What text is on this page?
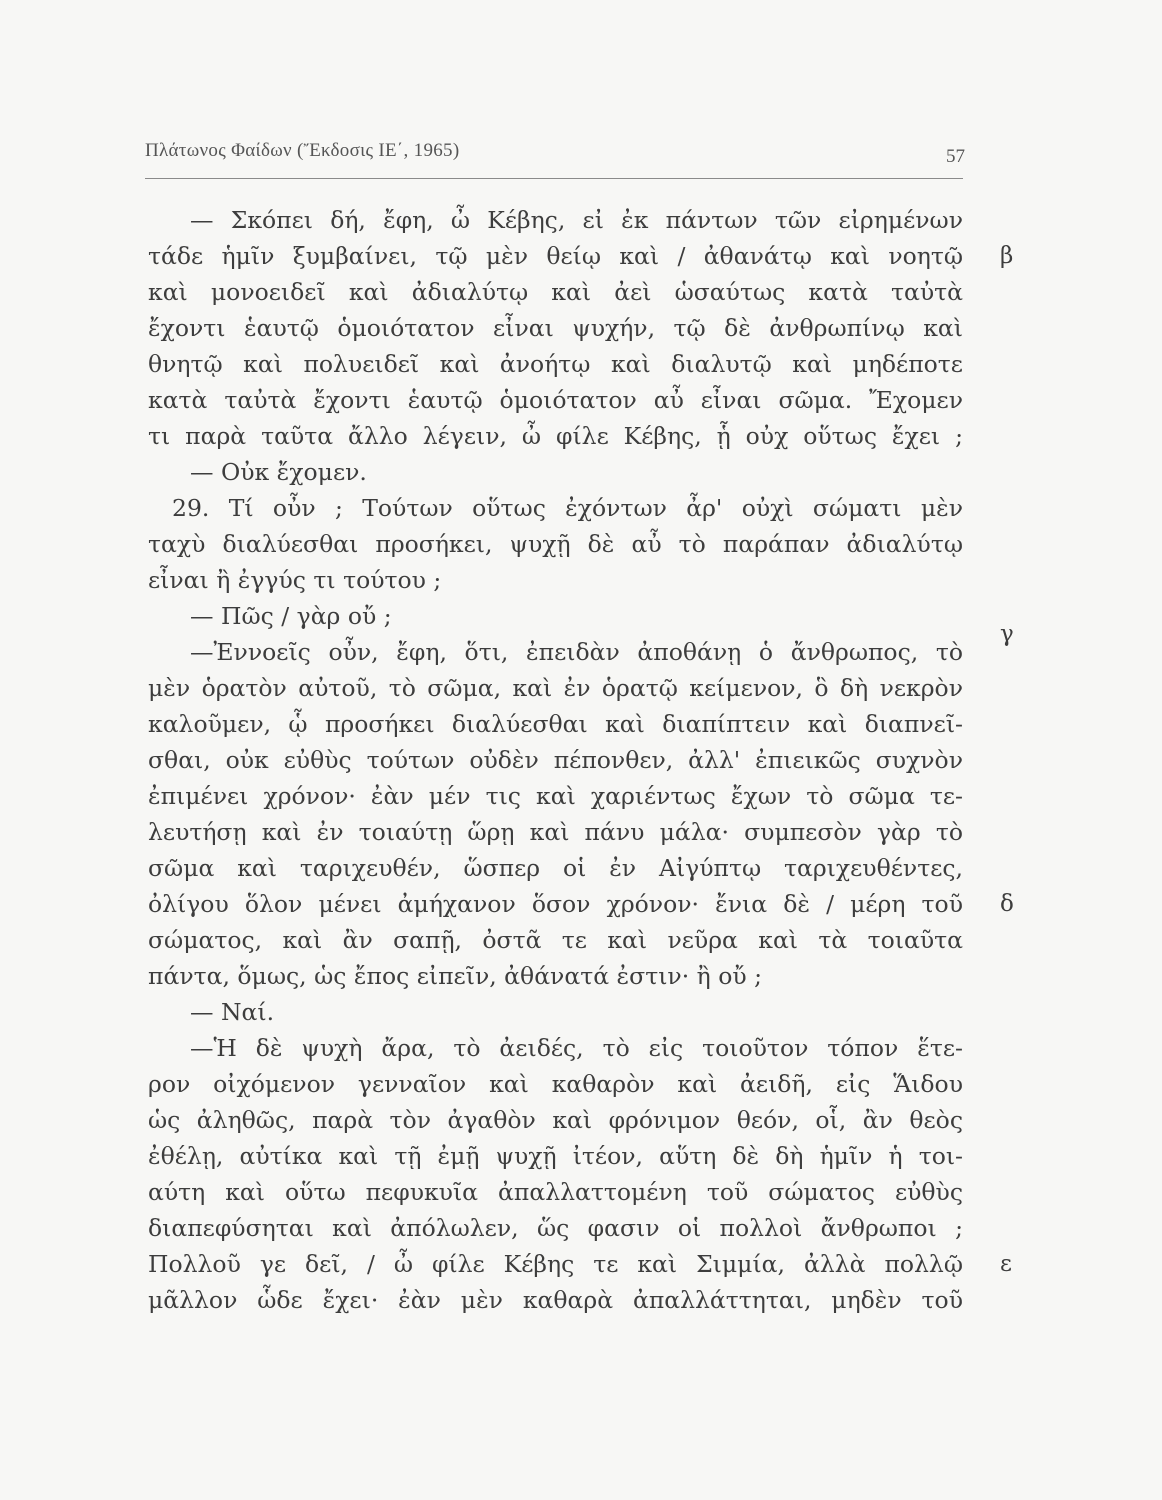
Πλάτωνος Φαίδων (Ἔκδοσις ΙΕ΄, 1965)	57
— Σκόπει δή, ἔφη, ὦ Κέβης, εἰ ἐκ πάντων τῶν εἰρημένων
τάδε ἡμῖν ξυμβαίνει, τῷ μὲν θείῳ καὶ / ἀθανάτῳ καὶ νοητῷ
καὶ μονοειδεῖ καὶ ἀδιαλύτῳ καὶ ἀεὶ ὡσαύτως κατὰ ταὐτὰ
ἔχοντι ἑαυτῷ ὁμοιότατον εἶναι ψυχήν, τῷ δὲ ἀνθρωπίνῳ καὶ
θνητῷ καὶ πολυειδεῖ καὶ ἀνοήτῳ καὶ διαλυτῷ καὶ μηδέποτε
κατὰ ταὐτὰ ἔχοντι ἑαυτῷ ὁμοιότατον αὖ εἶναι σῶμα. Ἔχομεν
τι παρὰ ταῦτα ἄλλο λέγειν, ὦ φίλε Κέβης, ᾗ οὐχ οὕτως ἔχει ;
— Οὐκ ἔχομεν.
29. Τί οὖν ; Τούτων οὕτως ἐχόντων ἆρ' οὐχὶ σώματι μὲν
ταχὺ διαλύεσθαι προσήκει, ψυχῇ δὲ αὖ τὸ παράπαν ἀδιαλύτῳ
εἶναι ἢ ἐγγύς τι τούτου ;
— Πῶς / γὰρ οὔ ;
—Ἐννοεῖς οὖν, ἔφη, ὅτι, ἐπειδὰν ἀποθάνῃ ὁ ἄνθρωπος, τὸ
μὲν ὁρατὸν αὐτοῦ, τὸ σῶμα, καὶ ἐν ὁρατῷ κείμενον, ὃ δὴ νεκρὸν
καλοῦμεν, ᾧ προσήκει διαλύεσθαι καὶ διαπίπτειν καὶ διαπνεῖ-
σθαι, οὐκ εὐθὺς τούτων οὐδὲν πέπονθεν, ἀλλ' ἐπιεικῶς συχνὸν
ἐπιμένει χρόνον· ἐὰν μέν τις καὶ χαριέντως ἔχων τὸ σῶμα τε-
λευτήσῃ καὶ ἐν τοιαύτῃ ὥρῃ καὶ πάνυ μάλα· συμπεσὸν γὰρ τὸ
σῶμα καὶ ταριχευθέν, ὥσπερ οἱ ἐν Αἰγύπτῳ ταριχευθέντες,
ὀλίγου ὅλον μένει ἀμήχανον ὅσον χρόνον· ἔνια δὲ / μέρη τοῦ
σώματος, καὶ ἂν σαπῇ, ὀστᾶ τε καὶ νεῦρα καὶ τὰ τοιαῦτα
πάντα, ὅμως, ὡς ἔπος εἰπεῖν, ἀθάνατά ἐστιν· ἢ οὔ ;
— Ναί.
—Ἡ δὲ ψυχὴ ἄρα, τὸ ἀειδές, τὸ εἰς τοιοῦτον τόπον ἕτε-
ρον οἰχόμενον γενναῖον καὶ καθαρὸν καὶ ἀειδῆ, εἰς Ἅιδου
ὡς ἀληθῶς, παρὰ τὸν ἀγαθὸν καὶ φρόνιμον θεόν, οἷ, ἂν θεὸς
ἐθέλῃ, αὐτίκα καὶ τῇ ἐμῇ ψυχῇ ἰτέον, αὕτη δὲ δὴ ἡμῖν ἡ τοι-
αύτη καὶ οὕτω πεφυκυῖα ἀπαλλαττομένη τοῦ σώματος εὐθὺς
διαπεφύσηται καὶ ἀπόλωλεν, ὥς φασιν οἱ πολλοὶ ἄνθρωποι ;
Πολλοῦ γε δεῖ, / ὦ φίλε Κέβης τε καὶ Σιμμία, ἀλλὰ πολλῷ
μᾶλλον ὧδε ἔχει· ἐὰν μὲν καθαρὰ ἀπαλλάττηται, μηδὲν τοῦ
β
γ
δ
ε
